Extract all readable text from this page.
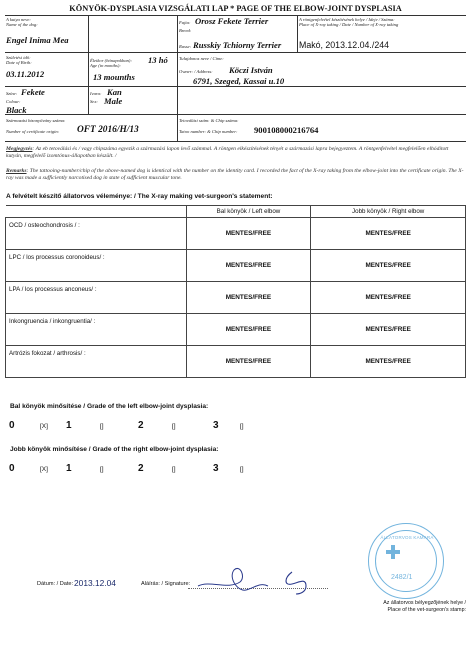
KÖNYÖK-DYSPLASIA VIZSGÁLATI LAP * PAGE OF THE ELBOW-JOINT DYSPLASIA
A kutya neve:
Name of the dog:
Engel Inima Mea
Fajta: Orosz Fekete Terrier
Breed:
Rasse: Russkiy Tchiorny Terrier
A röntgenfelvétel készítésének helye / Ideje / Száma:
Place of X-ray taking / Date / Number of X-ray taking
Makó, 2013.12.04./244
Születési idő:
Date of Birth:
03.11.2012
Életkor (hónapokban):
Age (in months):
13 hó
13 mounths
Tulajdonos neve / Címe:
Owner: / Address: Köczi István
6791, Szeged, Kassai u.10
Színe: Fekete
Colour:
Black
Ivara:
Sex:
Kan
Male
Származási bizonyítvány száma:
Number of certificate origin: OFT 2016/H/13
Tetoválási szám: & Chip száma:
Tatoo number: & Chip number: 900108000216764
Megjegyzés: Az eb tetoválási és / vagy chipszáma egyezik a származási lapon levő számmal. A röntgen elkészítésének tényét a származási lapra bejegyeztem. A röntgenfelvétel megfelelően elhódított kutyán, megfelelő izomtónus-állapotban készült. /
Remarks: The tattooing-number/chip of the above-named dog is identical with the number on the identity card. I recorded the fact of the X-ray taking from the elbow-joint into the certificate origin. The X-ray was made a sufficiently narcotised dog in state of sufficient muscular tone.
A felvételt készítő állatorvos véleménye: / The X-ray making vet-surgeon's statement:
	Bal könyök / Left elbow	Jobb könyök / Right elbow
OCD / osteochondrosis / :	MENTES/FREE	MENTES/FREE
LPC / los processus coronoideus/ :	MENTES/FREE	MENTES/FREE
LPA / los processus anconeus/ :	MENTES/FREE	MENTES/FREE
Inkongruencia / inkongruentia/ :	MENTES/FREE	MENTES/FREE
Artrózis fokozat / arthrosis/ :	MENTES/FREE	MENTES/FREE
Bal könyök minősítése / Grade of the left elbow-joint dysplasia:
0	[X] 1	[]	2	[]	3	[]
Jobb könyök minősítése / Grade of the right elbow-joint dysplasia:
0	[X] 1	[]	2	[]	3	[]
Dátum: / Date: 2013.12.04	Aláírás: / Signature:
ÁLLATORVOS KAMARA
2482/1
Az állatorvos bélyegzőjének helye /
Place of the vet-surgeon's stamp:
